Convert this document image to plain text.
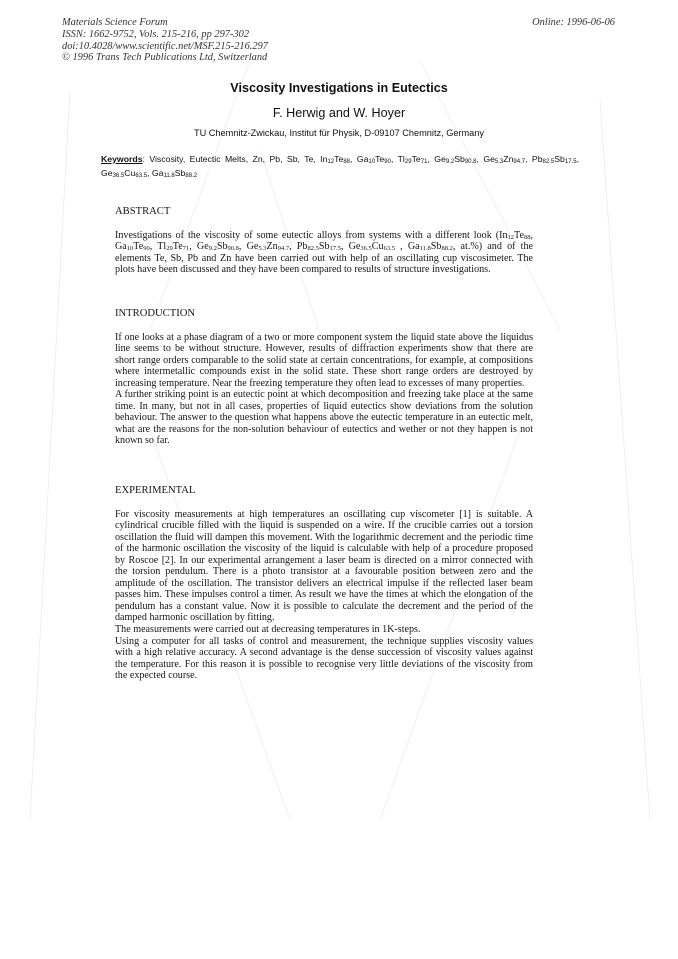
Materials Science Forum
ISSN: 1662-9752, Vols. 215-216, pp 297-302
doi:10.4028/www.scientific.net/MSF.215-216.297
© 1996 Trans Tech Publications Ltd, Switzerland
Online: 1996-06-06
Viscosity Investigations in Eutectics
F. Herwig and W. Hoyer
TU Chemnitz-Zwickau, Institut für Physik, D-09107 Chemnitz, Germany
Keywords: Viscosity, Eutectic Melts, Zn, Pb, Sb, Te, $In_{12}Te_{88}$, $Ga_{10}Te_{90}$, $Tl_{29}Te_{71}$, $Ge_{9.2}Sb_{90.8}$, $Ge_{5.3}Zn_{94.7}$, $Pb_{82.5}Sb_{17.5}$, $Ge_{36.5}Cu_{63.5}$, $Ga_{11.8}Sb_{88.2}$
ABSTRACT

Investigations of the viscosity of some eutectic alloys from systems with a different look ($In_{12}Te_{88}$, $Ga_{10}Te_{90}$, $Tl_{29}Te_{71}$, $Ge_{9.2}Sb_{90.8}$, $Ge_{5.3}Zn_{94.7}$, $Pb_{82.5}Sb_{17.5}$, $Ge_{36.5}Cu_{63.5}$ , $Ga_{11.8}Sb_{88.2}$, at.%) and of the elements Te, Sb, Pb and Zn have been carried out with help of an oscillating cup viscosimeter. The plots have been discussed and they have been compared to results of structure investigations.

INTRODUCTION

If one looks at a phase diagram of a two or more component system the liquid state above the liquidus line seems to be without structure. However, results of diffraction experiments show that there are short range orders comparable to the solid state at certain concentrations, for example, at compositions where intermetallic compounds exist in the solid state. These short range orders are destroyed by increasing temperature. Near the freezing temperature they often lead to excesses of many properties.

A further striking point is an eutectic point at which decomposition and freezing take place at the same time. In many, but not in all cases, properties of liquid eutectics show deviations from the solution behaviour. The answer to the question what happens above the eutectic temperature in an eutectic melt, what are the reasons for the non-solution behaviour of eutectics and wether or not they happen is not known so far.

EXPERIMENTAL

For viscosity measurements at high temperatures an oscillating cup viscometer [1] is suitable. A cylindrical crucible filled with the liquid is suspended on a wire. If the crucible carries out a torsion oscillation the fluid will dampen this movement. With the logarithmic decrement and the periodic time of the harmonic oscillation the viscosity of the liquid is calculable with help of a procedure proposed by Roscoe [2]. In our experimental arrangement a laser beam is directed on a mirror connected with the torsion pendulum. There is a photo transistor at a favourable position between zero and the amplitude of the oscillation. The transistor delivers an electrical impulse if the reflected laser beam passes him. These impulses control a timer. As result we have the times at which the elongation of the pendulum has a constant value. Now it is possible to calculate the decrement and the period of the damped harmonic oscillation by fitting.

The measurements were carried out at decreasing temperatures in 1K-steps.

Using a computer for all tasks of control and measurement, the technique supplies viscosity values with a high relative accuracy. A second advantage is the dense succession of viscosity values against the temperature. For this reason it is possible to recognise very little deviations of the viscosity from the expected course.
